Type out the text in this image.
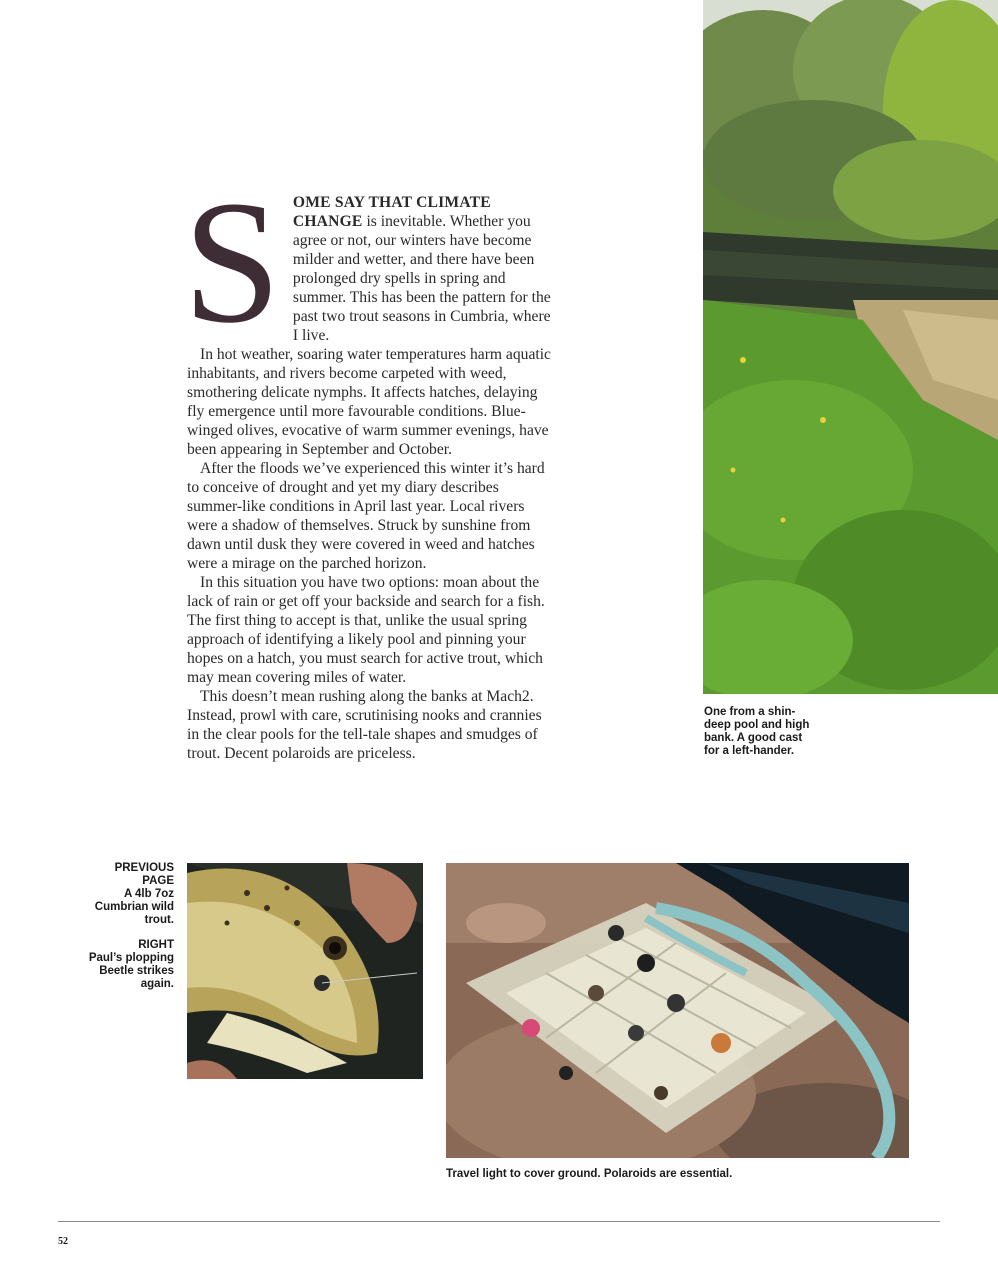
S OME SAY THAT CLIMATE CHANGE is inevitable. Whether you agree or not, our winters have become milder and wetter, and there have been prolonged dry spells in spring and summer. This has been the pattern for the past two trout seasons in Cumbria, where I live.

In hot weather, soaring water temperatures harm aquatic inhabitants, and rivers become carpeted with weed, smothering delicate nymphs. It affects hatches, delaying fly emergence until more favourable conditions. Blue-winged olives, evocative of warm summer evenings, have been appearing in September and October.

After the floods we’ve experienced this winter it’s hard to conceive of drought and yet my diary describes summer-like conditions in April last year. Local rivers were a shadow of themselves. Struck by sunshine from dawn until dusk they were covered in weed and hatches were a mirage on the parched horizon.

In this situation you have two options: moan about the lack of rain or get off your backside and search for a fish. The first thing to accept is that, unlike the usual spring approach of identifying a likely pool and pinning your hopes on a hatch, you must search for active trout, which may mean covering miles of water.

This doesn’t mean rushing along the banks at Mach2. Instead, prowl with care, scrutinising nooks and crannies in the clear pools for the tell-tale shapes and smudges of trout. Decent polaroids are priceless.

One from a shin-deep pool and high bank. A good cast for a left-hander.
PREVIOUS PAGE
A 4lb 7oz Cumbrian wild trout.
RIGHT
Paul’s plopping Beetle strikes again.
Travel light to cover ground. Polaroids are essential.
52
